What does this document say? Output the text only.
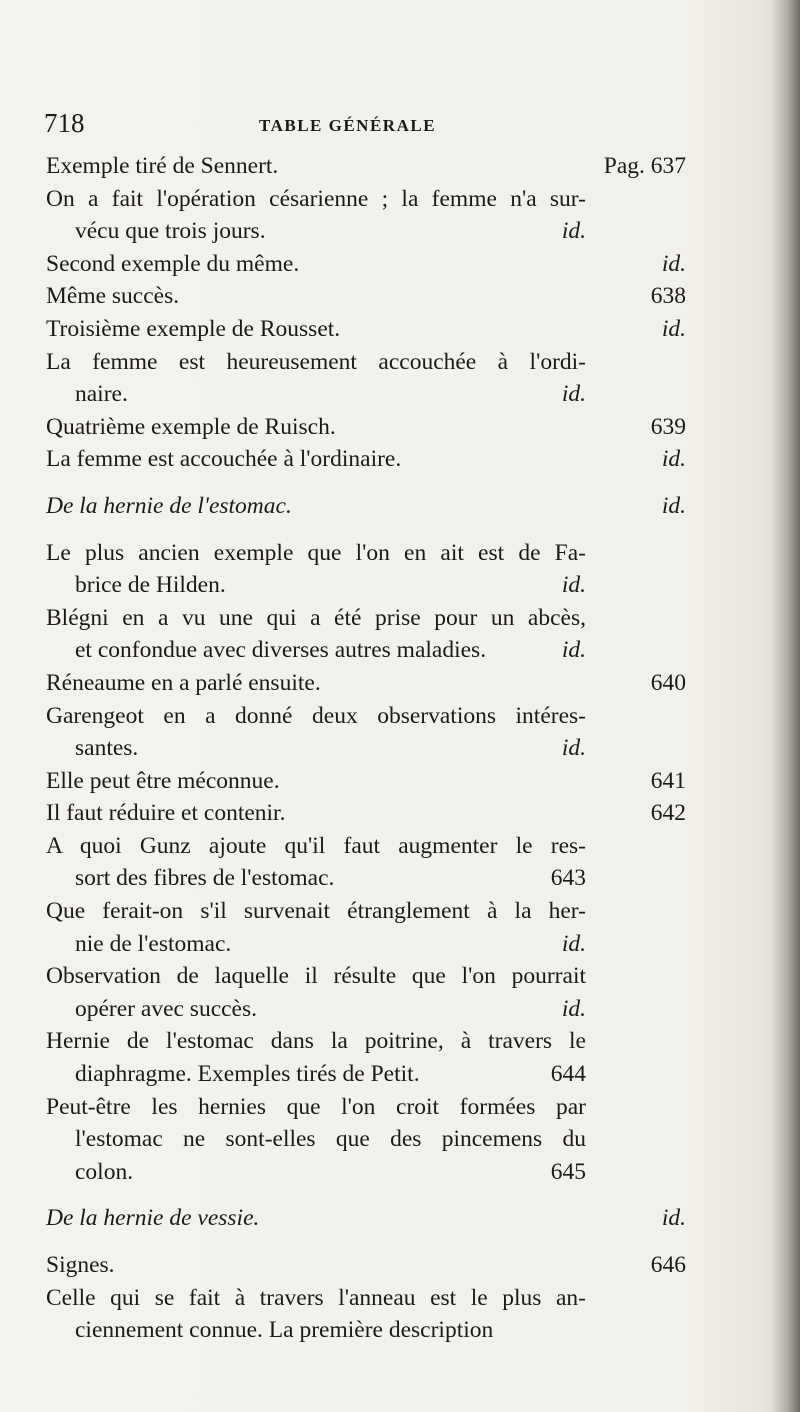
718	TABLE GÉNÉRALE
Exemple tiré de Sennert.	Pag. 637
On a fait l'opération césarienne ; la femme n'a sur-
vécu que trois jours.	id.
Second exemple du même.	id.
Même succès.	638
Troisième exemple de Rousset.	id.
La femme est heureusement accouchée à l'ordi-
naire.	id.
Quatrième exemple de Ruisch.	639
La femme est accouchée à l'ordinaire.	id.
De la hernie de l'estomac.	id.
Le plus ancien exemple que l'on en ait est de Fa-
brice de Hilden.	id.
Blégni en a vu une qui a été prise pour un abcès,
et confondue avec diverses autres maladies.	id.
Réneaume en a parlé ensuite.	640
Garengeot en a donné deux observations intéres-
santes.	id.
Elle peut être méconnue.	641
Il faut réduire et contenir.	642
A quoi Gunz ajoute qu'il faut augmenter le res-
sort des fibres de l'estomac.	643
Que ferait-on s'il survenait étranglement à la her-
nie de l'estomac.	id.
Observation de laquelle il résulte que l'on pourrait
opérer avec succès.	id.
Hernie de l'estomac dans la poitrine, à travers le
diaphragme. Exemples tirés de Petit.	644
Peut-être les hernies que l'on croit formées par
l'estomac ne sont-elles que des pincemens du
colon.	645
De la hernie de vessie.	id.
Signes.	646
Celle qui se fait à travers l'anneau est le plus an-
ciennement connue. La première description
